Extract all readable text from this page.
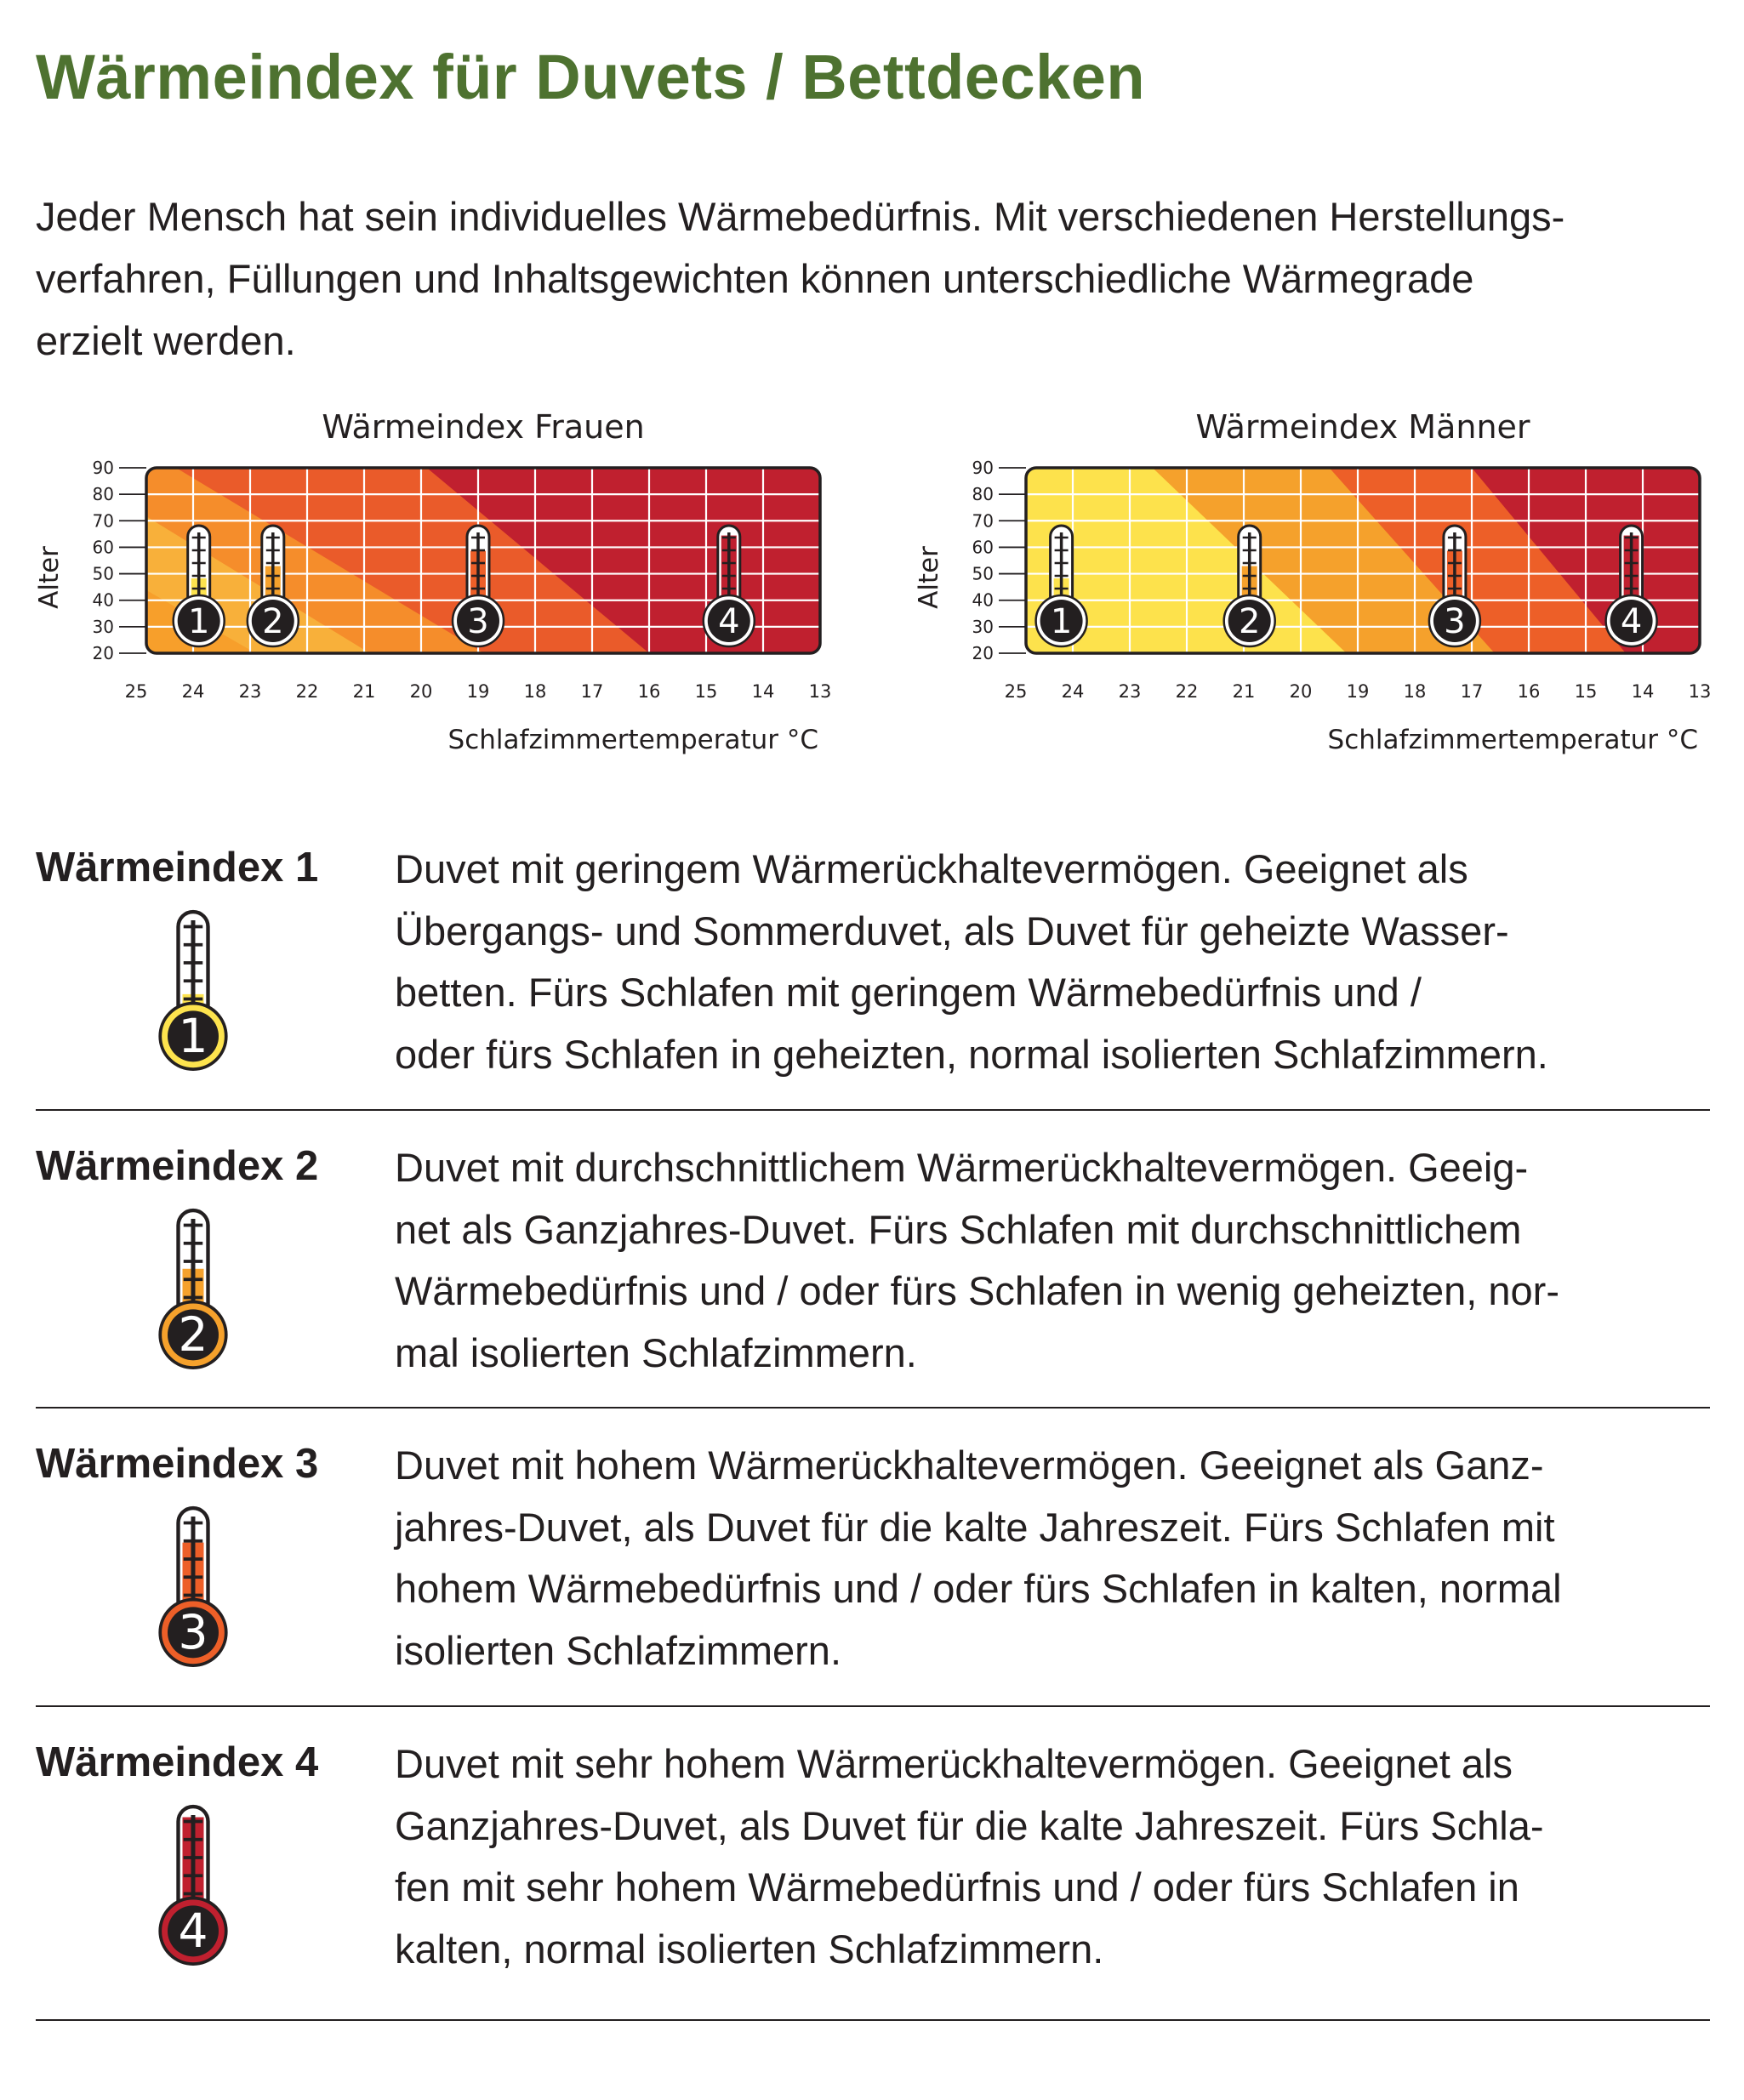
Wärmeindex für Duvets / Bettdecken

Jeder Mensch hat sein individuelles Wärmebedürfnis. Mit verschiedenen Herstellungs-
verfahren, Füllungen und Inhaltsgewichten können unterschiedliche Wärmegrade
erzielt werden.

Wärmeindex Frauen
90
80
70
60
50
40
30
20
25 24 23 22 21 20 19 18 17 16 15 14 13
Alter
Schlafzimmertemperatur °C
1 2	3	4
Wärmeindex Männer
90
80
70
60
50
40
30
20
25 24 23 22 21 20 19 18 17 16 15 14 13
Alter
Schlafzimmertemperatur °C
1	2	3	4
Wärmeindex 1
1

Duvet mit geringem Wärmerückhaltevermögen. Geeignet als
Übergangs- und Sommerduvet, als Duvet für geheizte Wasser-
betten. Fürs Schlafen mit geringem Wärmebedürfnis und /
oder fürs Schlafen in geheizten, normal isolierten Schlafzimmern.

Wärmeindex 2
2

Duvet mit durchschnittlichem Wärmerückhaltevermögen. Geeig-
net als Ganzjahres-Duvet. Fürs Schlafen mit durchschnittlichem
Wärmebedürfnis und / oder fürs Schlafen in wenig geheizten, nor-
mal isolierten Schlafzimmern.

Wärmeindex 3
3

Duvet mit hohem Wärmerückhaltevermögen. Geeignet als Ganz-
jahres-Duvet, als Duvet für die kalte Jahreszeit. Fürs Schlafen mit
hohem Wärmebedürfnis und / oder fürs Schlafen in kalten, normal
isolierten Schlafzimmern.

Wärmeindex 4
4

Duvet mit sehr hohem Wärmerückhaltevermögen. Geeignet als
Ganzjahres-Duvet, als Duvet für die kalte Jahreszeit. Fürs Schla-
fen mit sehr hohem Wärmebedürfnis und / oder fürs Schlafen in
kalten, normal isolierten Schlafzimmern.
